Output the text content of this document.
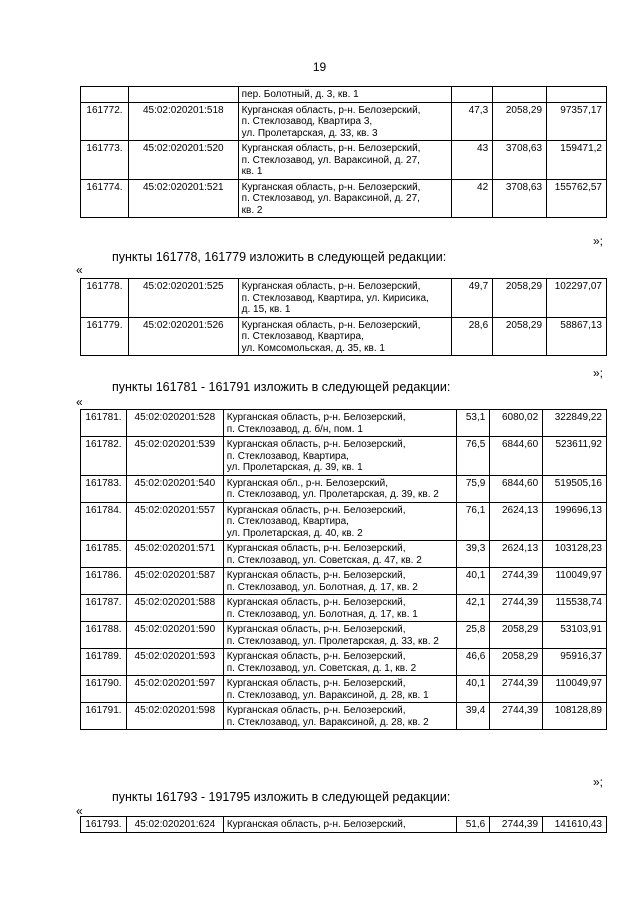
19

		пер. Болотный, д. 3, кв. 1			

161772.	45:02:020201:518	Курганская область, р-н. Белозерский,
п. Стеклозавод, Квартира 3,
ул. Пролетарская, д. 33, кв. 3	47,3	2058,29	97357,17
161773.	45:02:020201:520	Курганская область, р-н. Белозерский,
п. Стеклозавод, ул. Вараксиной, д. 27,
кв. 1	43	3708,63	159471,2
161774.	45:02:020201:521	Курганская область, р-н. Белозерский,
п. Стеклозавод, ул. Вараксиной, д. 27,
кв. 2	42	3708,63	155762,57
»;
пункты 161778, 161779 изложить в следующей редакции:
«
161778.	45:02:020201:525	Курганская область, р-н. Белозерский,
п. Стеклозавод, Квартира, ул. Кирисика,
д. 15, кв. 1	49,7	2058,29	102297,07
161779.	45:02:020201:526	Курганская область, р-н. Белозерский,
п. Стеклозавод, Квартира,
ул. Комсомольская, д. 35, кв. 1	28,6	2058,29	58867,13
»;
пункты 161781 - 161791 изложить в следующей редакции:
«
161781.	45:02:020201:528	Курганская область, р-н. Белозерский,
п. Стеклозавод, д. б/н, пом. 1	53,1	6080,02	322849,22
161782.	45:02:020201:539	Курганская область, р-н. Белозерский,
п. Стеклозавод, Квартира,
ул. Пролетарская, д. 39, кв. 1	76,5	6844,60	523611,92
161783.	45:02:020201:540	Курганская обл., р-н. Белозерский,
п. Стеклозавод, ул. Пролетарская, д. 39, кв. 2	75,9	6844,60	519505,16
161784.	45:02:020201:557	Курганская область, р-н. Белозерский,
п. Стеклозавод, Квартира,
ул. Пролетарская, д. 40, кв. 2	76,1	2624,13	199696,13
161785.	45:02:020201:571	Курганская область, р-н. Белозерский,
п. Стеклозавод, ул. Советская, д. 47, кв. 2	39,3	2624,13	103128,23
161786.	45:02:020201:587	Курганская область, р-н. Белозерский,
п. Стеклозавод, ул. Болотная, д. 17, кв. 2	40,1	2744,39	110049,97
161787.	45:02:020201:588	Курганская область, р-н. Белозерский,
п. Стеклозавод, ул. Болотная, д. 17, кв. 1	42,1	2744,39	115538,74
161788.	45:02:020201:590	Курганская область, р-н. Белозерский,
п. Стеклозавод, ул. Пролетарская, д. 33, кв. 2	25,8	2058,29	53103,91
161789.	45:02:020201:593	Курганская область, р-н. Белозерский,
п. Стеклозавод, ул. Советская, д. 1, кв. 2	46,6	2058,29	95916,37
161790.	45:02:020201:597	Курганская область, р-н. Белозерский,
п. Стеклозавод, ул. Вараксиной, д. 28, кв. 1	40,1	2744,39	110049,97
161791.	45:02:020201:598	Курганская область, р-н. Белозерский,
п. Стеклозавод, ул. Вараксиной, д. 28, кв. 2	39,4	2744,39	108128,89
»;
пункты 161793 - 191795 изложить в следующей редакции:
«
161793.	45:02:020201:624	Курганская область, р-н. Белозерский,	51,6	2744,39	141610,43
